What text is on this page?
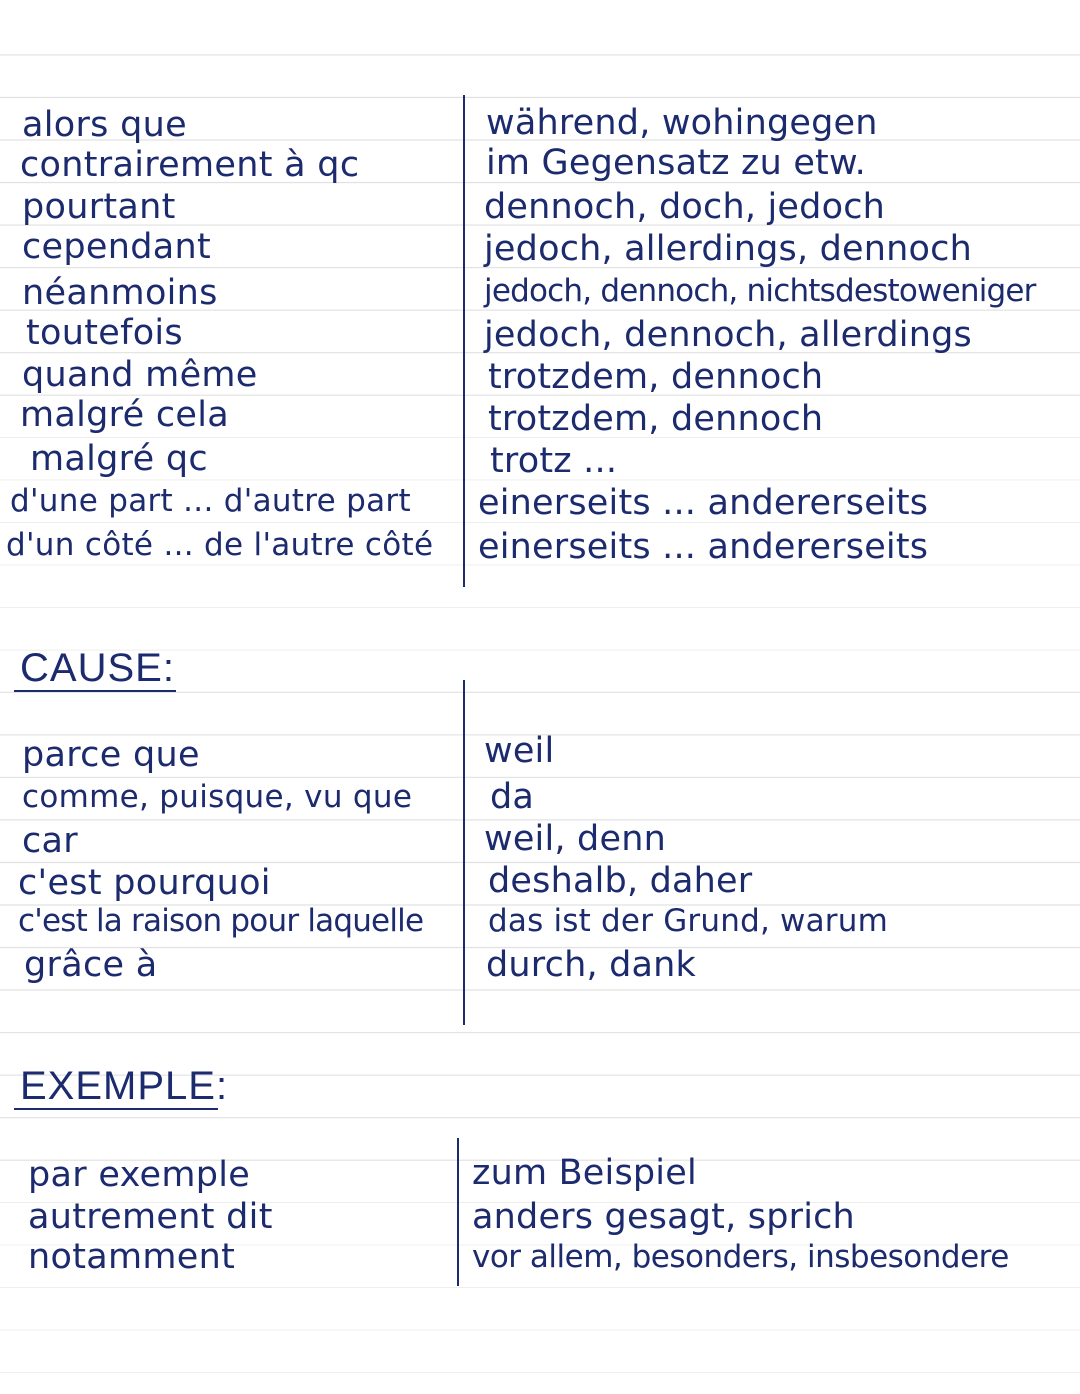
alors que
contrairement à qc
pourtant
cependant
néanmoins
toutefois
quand même
malgré cela
malgré qc
d'une part ... d'autre part
d'un côté ... de l'autre côté
während, wohingegen
im Gegensatz zu etw.
dennoch, doch, jedoch
jedoch, allerdings, dennoch
jedoch, dennoch, nichtsdestoweniger
jedoch, dennoch, allerdings
trotzdem, dennoch
trotzdem, dennoch
trotz ...
einerseits ... andererseits
einerseits ... andererseits
CAUSE:
parce que
comme, puisque, vu que
car
c'est pourquoi
c'est la raison pour laquelle
grâce à
weil
da
weil, denn
deshalb, daher
das ist der Grund, warum
durch, dank
EXEMPLE:
par exemple
autrement dit
notamment
zum Beispiel
anders gesagt, sprich
vor allem, besonders, insbesondere
